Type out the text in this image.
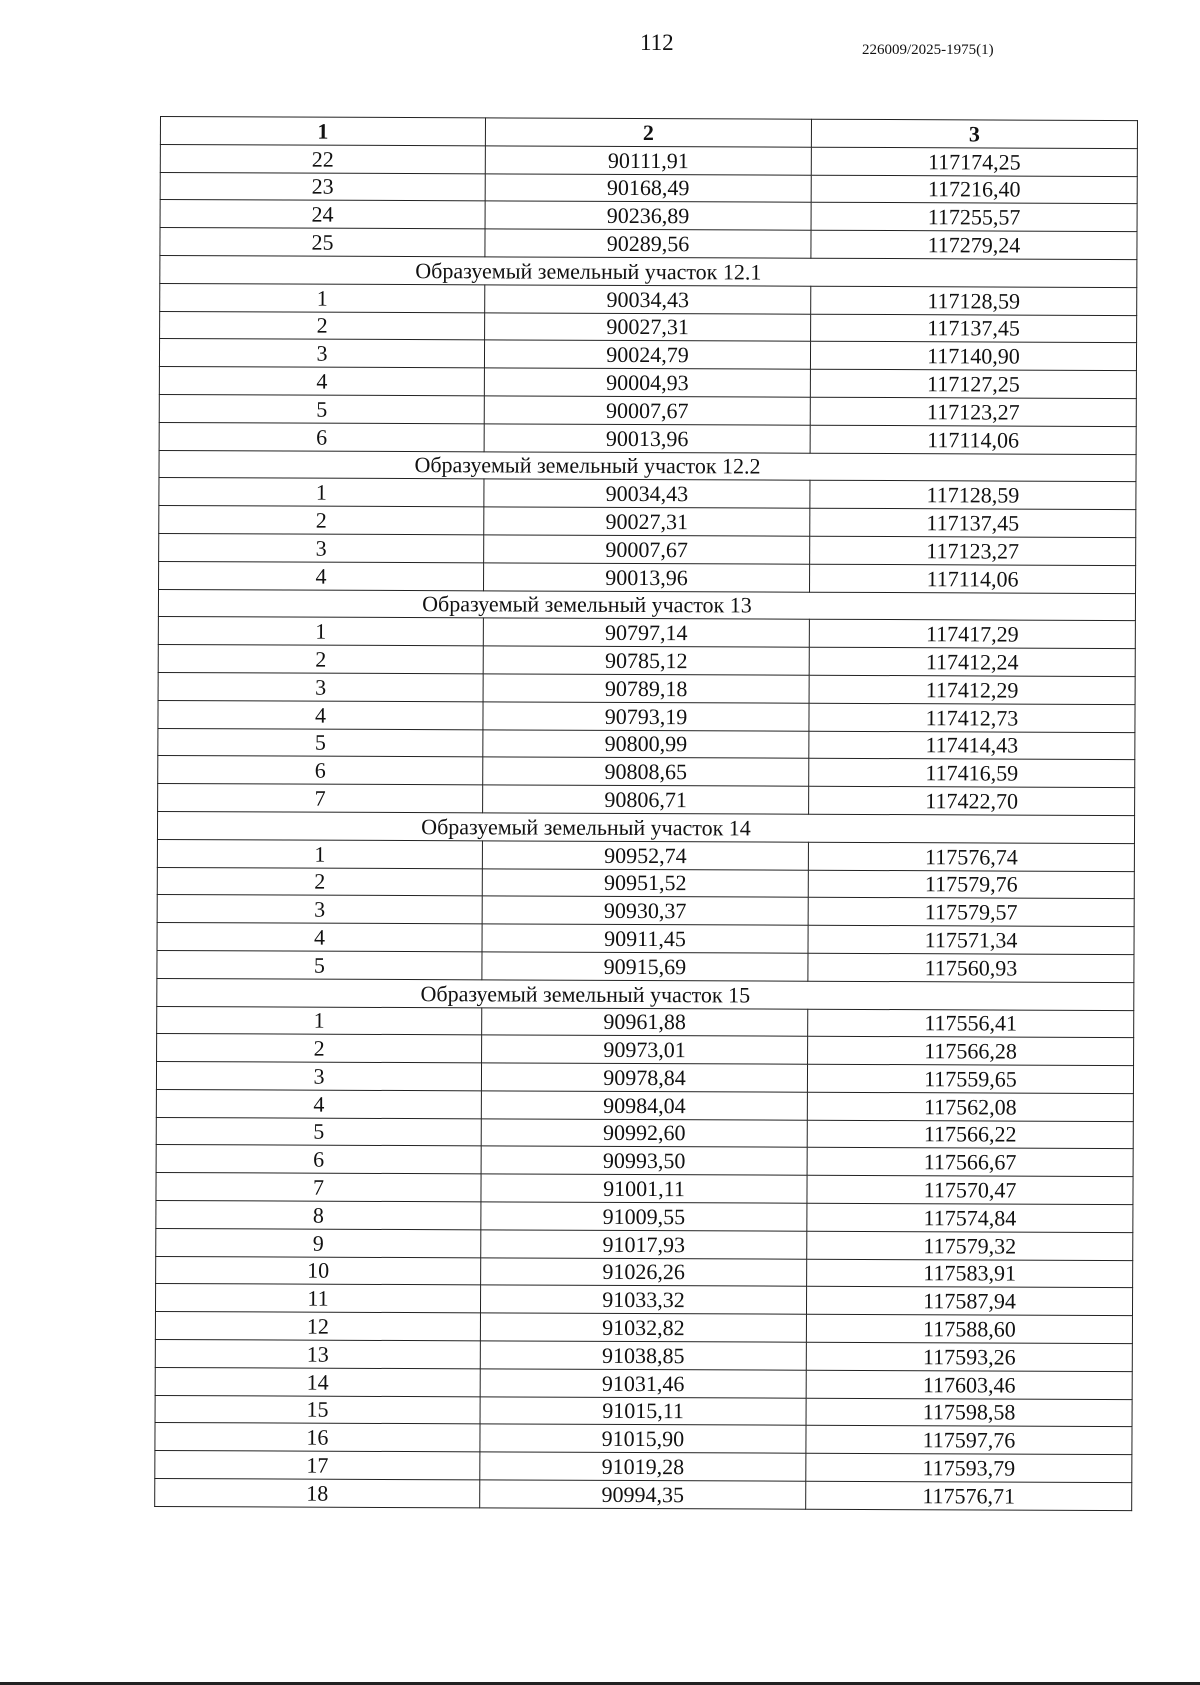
112	226009/2025-1975(1)
1	2	3
22	90111,91	117174,25
23	90168,49	117216,40
24	90236,89	117255,57
25	90289,56	117279,24
Образуемый земельный участок 12.1		
1	90034,43	117128,59
2	90027,31	117137,45
3	90024,79	117140,90
4	90004,93	117127,25
5	90007,67	117123,27
6	90013,96	117114,06
Образуемый земельный участок 12.2		
1	90034,43	117128,59
2	90027,31	117137,45
3	90007,67	117123,27
4	90013,96	117114,06
Образуемый земельный участок 13		
1	90797,14	117417,29
2	90785,12	117412,24
3	90789,18	117412,29
4	90793,19	117412,73
5	90800,99	117414,43
6	90808,65	117416,59
7	90806,71	117422,70
Образуемый земельный участок 14		
1	90952,74	117576,74
2	90951,52	117579,76
3	90930,37	117579,57
4	90911,45	117571,34
5	90915,69	117560,93
Образуемый земельный участок 15		
1	90961,88	117556,41
2	90973,01	117566,28
3	90978,84	117559,65
4	90984,04	117562,08
5	90992,60	117566,22
6	90993,50	117566,67
7	91001,11	117570,47
8	91009,55	117574,84
9	91017,93	117579,32
10	91026,26	117583,91
11	91033,32	117587,94
12	91032,82	117588,60
13	91038,85	117593,26
14	91031,46	117603,46
15	91015,11	117598,58
16	91015,90	117597,76
17	91019,28	117593,79
18	90994,35	117576,71
